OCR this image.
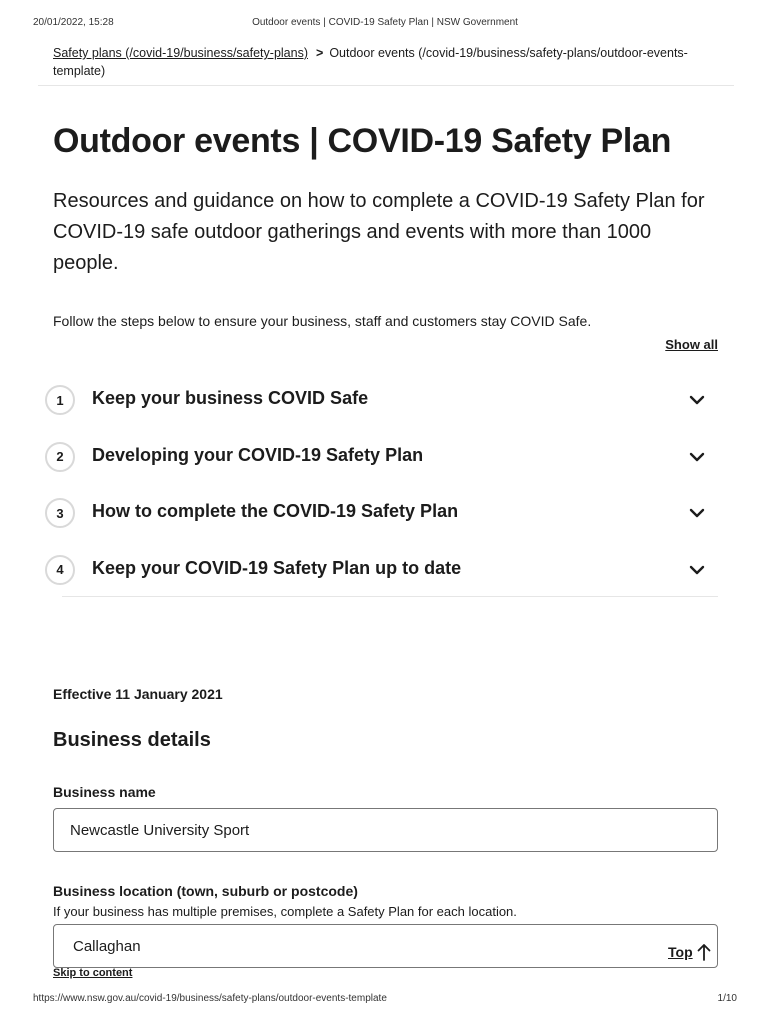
20/01/2022, 15:28	Outdoor events | COVID-19 Safety Plan | NSW Government
Safety plans (/covid-19/business/safety-plans) > Outdoor events (/covid-19/business/safety-plans/outdoor-events-template)
Outdoor events | COVID-19 Safety Plan

Resources and guidance on how to complete a COVID-19 Safety Plan for COVID-19 safe outdoor gatherings and events with more than 1000 people.

Follow the steps below to ensure your business, staff and customers stay COVID Safe.

Show all
1	Keep your business COVID Safe
2	Developing your COVID-19 Safety Plan
3	How to complete the COVID-19 Safety Plan
4	Keep your COVID-19 Safety Plan up to date

Effective 11 January 2021

Business details
Business name
Newcastle University Sport
Business location (town, suburb or postcode)

If your business has multiple premises, complete a Safety Plan for each location.

Callaghan
Top
Skip to content
https://www.nsw.gov.au/covid-19/business/safety-plans/outdoor-events-template	1/10
